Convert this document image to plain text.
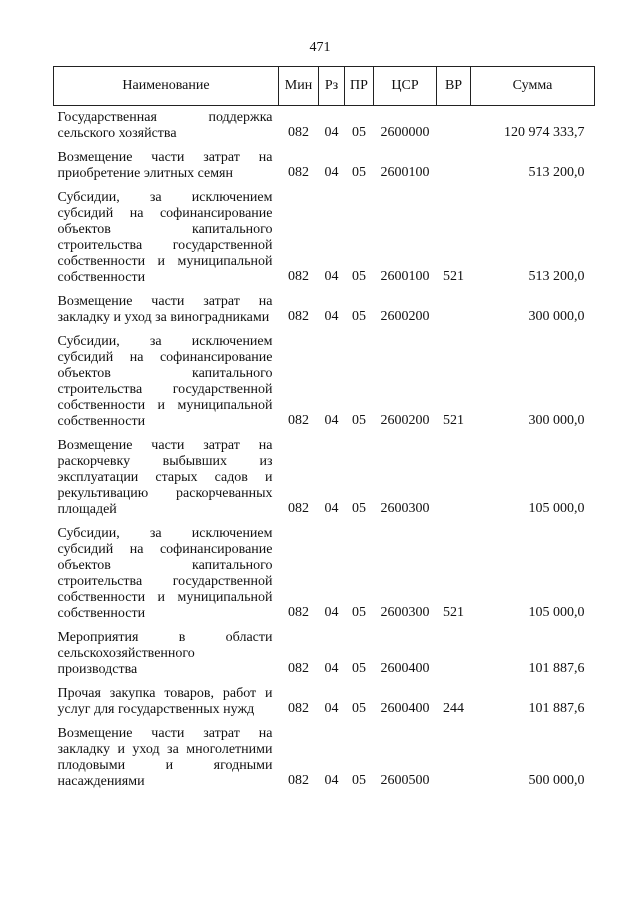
471
Наименование	Мин	Рз	ПР	ЦСР	ВР	Сумма
Государственная поддержка сельского хозяйства	082	04	05	2600000		120 974 333,7
Возмещение части затрат на приобретение элитных семян	082	04	05	2600100		513 200,0
Субсидии, за исключением субсидий на софинансирование объектов капитального строительства государственной собственности и муниципальной собственности	082	04	05	2600100	521	513 200,0
Возмещение части затрат на закладку и уход за виноградниками	082	04	05	2600200		300 000,0
Субсидии, за исключением субсидий на софинансирование объектов капитального строительства государственной собственности и муниципальной собственности	082	04	05	2600200	521	300 000,0
Возмещение части затрат на раскорчевку выбывших из эксплуатации старых садов и рекультивацию раскорчеванных площадей	082	04	05	2600300		105 000,0
Субсидии, за исключением субсидий на софинансирование объектов капитального строительства государственной собственности и муниципальной собственности	082	04	05	2600300	521	105 000,0
Мероприятия в области сельскохозяйственного производства	082	04	05	2600400		101 887,6
Прочая закупка товаров, работ и услуг для государственных нужд	082	04	05	2600400	244	101 887,6
Возмещение части затрат на закладку и уход за многолетними плодовыми и ягодными насаждениями	082	04	05	2600500		500 000,0
